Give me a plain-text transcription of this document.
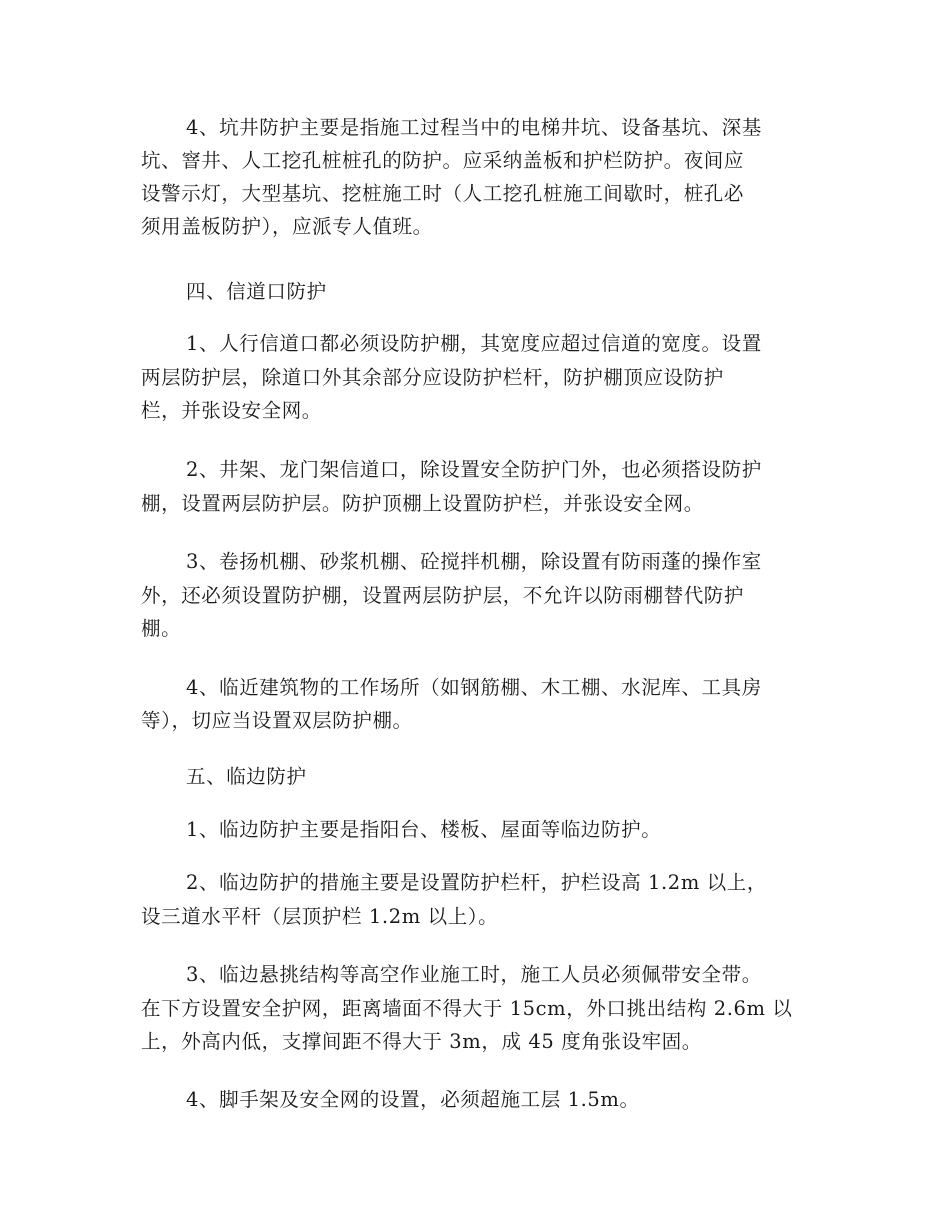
4、坑井防护主要是指施工过程当中的电梯井坑、设备基坑、深基

坑、窨井、人工挖孔桩桩孔的防护。应采纳盖板和护栏防护。夜间应

设警示灯，大型基坑、挖桩施工时（人工挖孔桩施工间歇时，桩孔必

须用盖板防护），应派专人值班。

四、信道口防护

1、人行信道口都必须设防护棚，其宽度应超过信道的宽度。设置

两层防护层，除道口外其余部分应设防护栏杆，防护棚顶应设防护

栏，并张设安全网。

2、井架、龙门架信道口，除设置安全防护门外，也必须搭设防护

棚，设置两层防护层。防护顶棚上设置防护栏，并张设安全网。

3、卷扬机棚、砂浆机棚、砼搅拌机棚，除设置有防雨蓬的操作室

外，还必须设置防护棚，设置两层防护层，不允许以防雨棚替代防护

棚。

4、临近建筑物的工作场所（如钢筋棚、木工棚、水泥库、工具房

等），切应当设置双层防护棚。

五、临边防护

1、临边防护主要是指阳台、楼板、屋面等临边防护。

2、临边防护的措施主要是设置防护栏杆，护栏设高 1.2m 以上，

设三道水平杆（层顶护栏 1.2m 以上）。

3、临边悬挑结构等高空作业施工时，施工人员必须佩带安全带。

在下方设置安全护网，距离墙面不得大于 15cm，外口挑出结构 2.6m 以

上，外高内低，支撑间距不得大于 3m，成 45 度角张设牢固。

4、脚手架及安全网的设置，必须超施工层 1.5m。
